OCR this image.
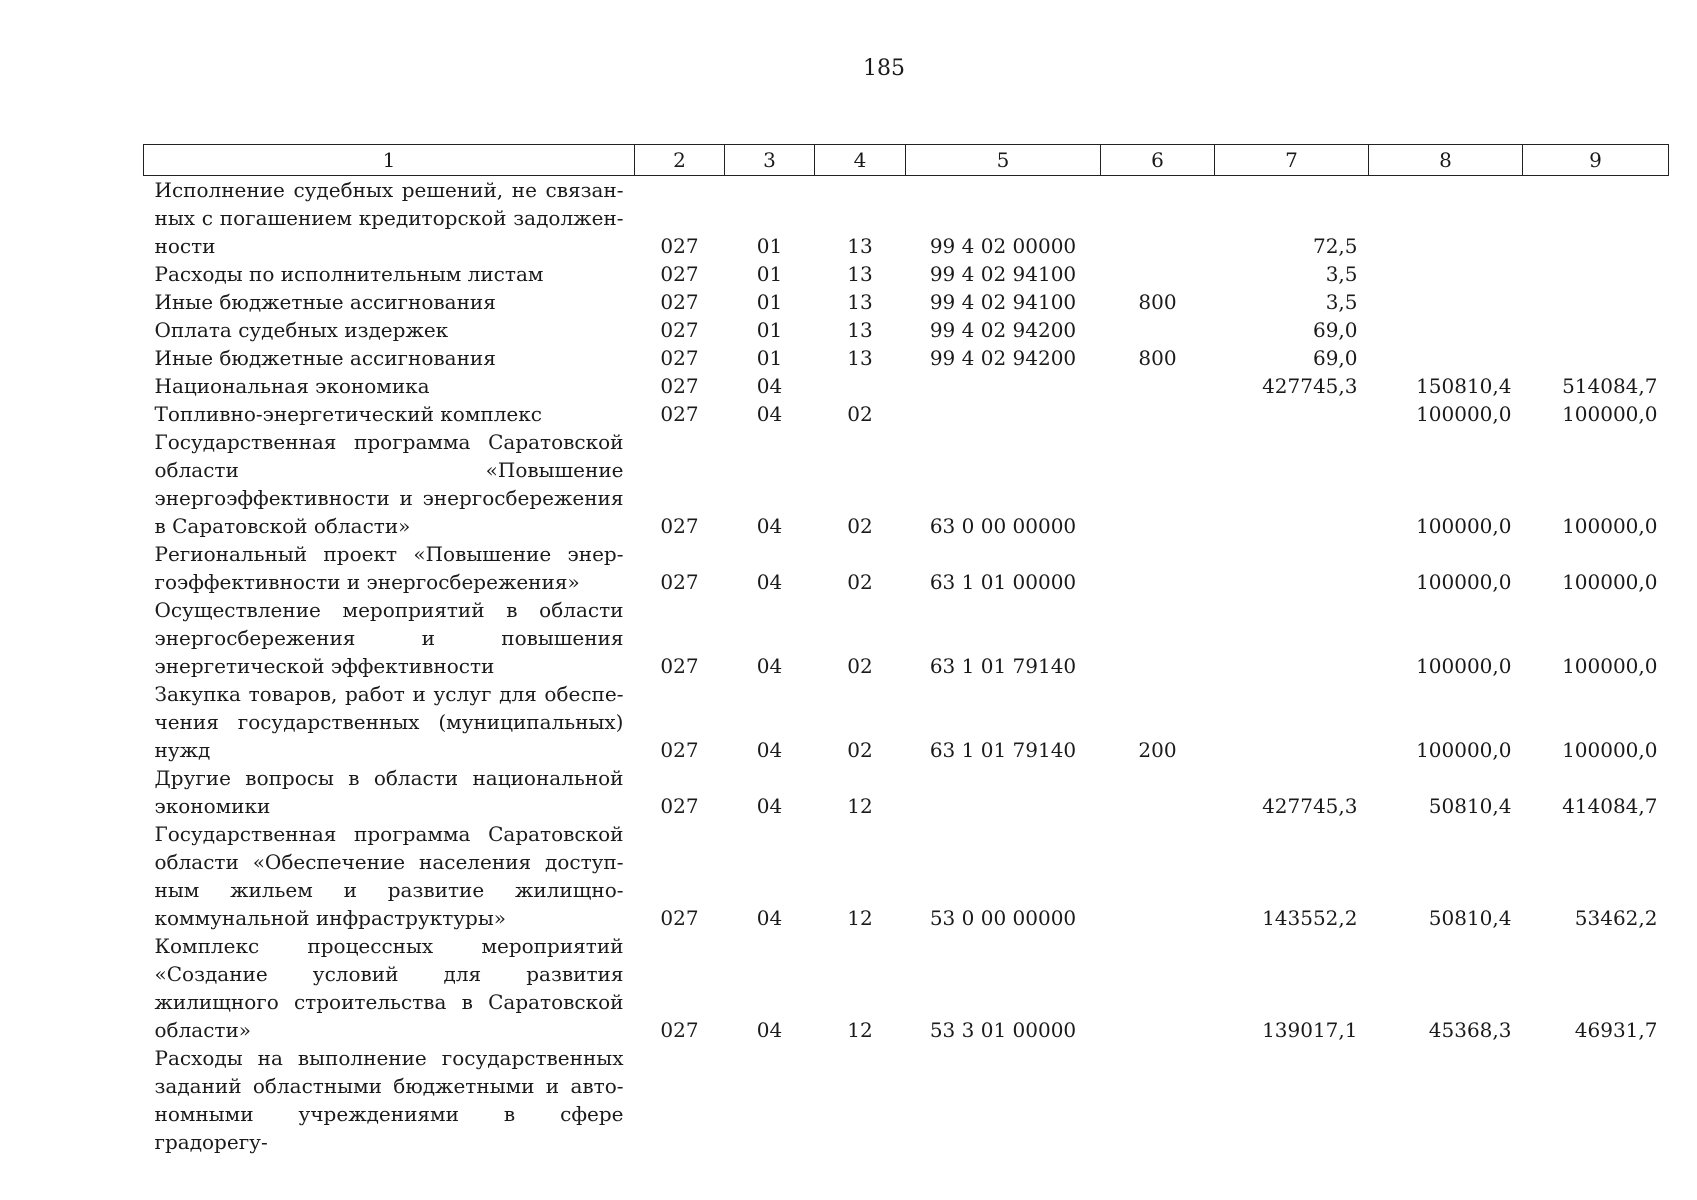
185
1	2	3	4	5	6	7	8	9
Исполнение судебных решений, не связанных с погашением кредиторской задолженности	027	01	13	99 4 02 00000		72,5		
Расходы по исполнительным листам	027	01	13	99 4 02 94100		3,5		
Иные бюджетные ассигнования	027	01	13	99 4 02 94100	800	3,5		
Оплата судебных издержек	027	01	13	99 4 02 94200		69,0		
Иные бюджетные ассигнования	027	01	13	99 4 02 94200	800	69,0		
Национальная экономика	027	04				427745,3	150810,4	514084,7
Топливно-энергетический комплекс	027	04	02				100000,0	100000,0
Государственная программа Саратовской области «Повышение энергоэффективности и энергосбережения в Саратовской области»	027	04	02	63 0 00 00000			100000,0	100000,0
Региональный проект «Повышение энергоэффективности и энергосбережения»	027	04	02	63 1 01 00000			100000,0	100000,0
Осуществление мероприятий в области энергосбережения и повышения энергетической эффективности	027	04	02	63 1 01 79140			100000,0	100000,0
Закупка товаров, работ и услуг для обеспечения государственных (муниципальных) нужд	027	04	02	63 1 01 79140	200		100000,0	100000,0
Другие вопросы в области национальной экономики	027	04	12			427745,3	50810,4	414084,7
Государственная программа Саратовской области «Обеспечение населения доступным жильем и развитие жилищно-коммунальной инфраструктуры»	027	04	12	53 0 00 00000		143552,2	50810,4	53462,2
Комплекс процессных мероприятий «Создание условий для развития жилищного строительства в Саратовской области»	027	04	12	53 3 01 00000		139017,1	45368,3	46931,7
Расходы на выполнение государственных заданий областными бюджетными и автономными учреждениями в сфере градорегу-								
